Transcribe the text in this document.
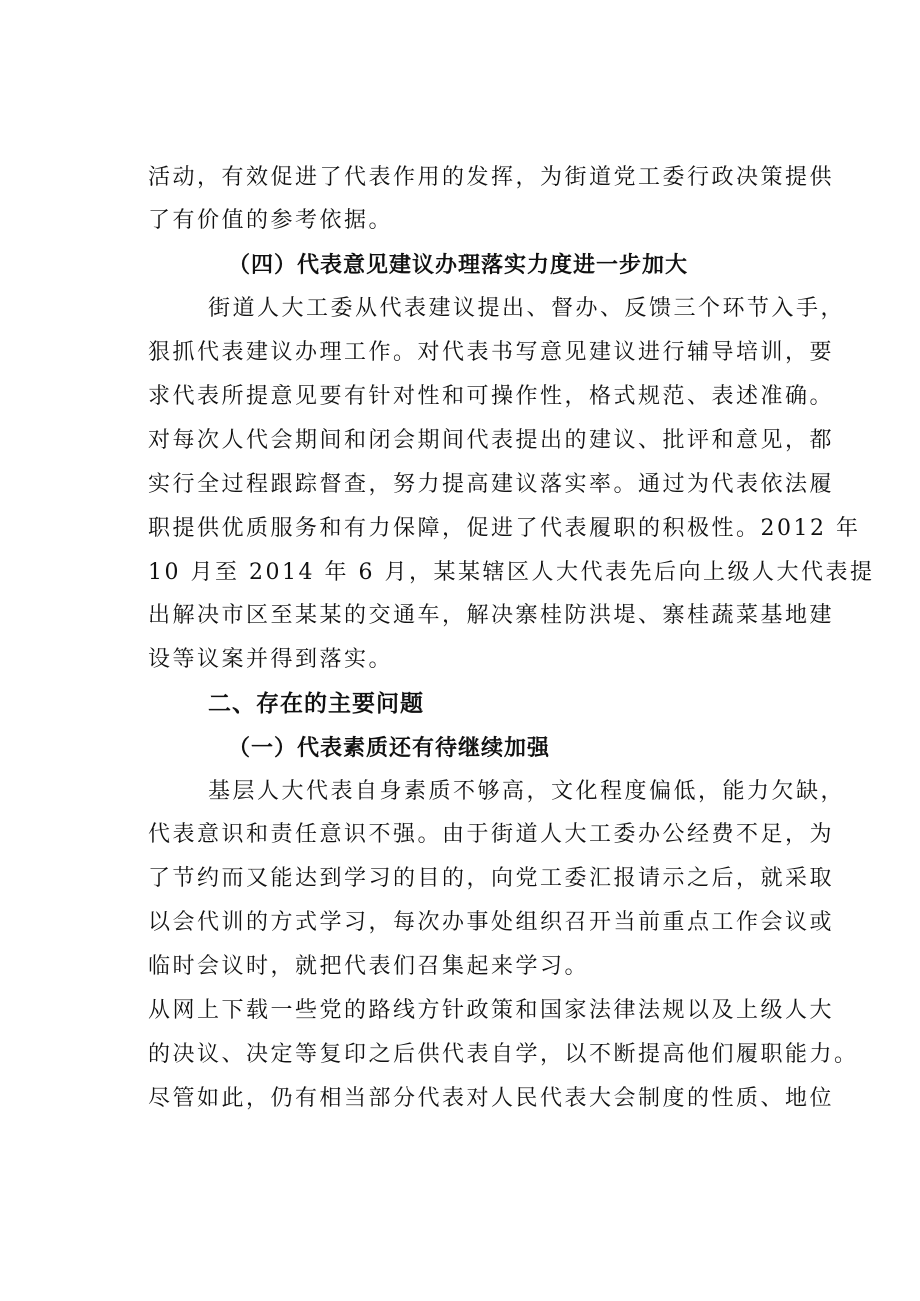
活动，有效促进了代表作用的发挥，为街道党工委行政决策提供

了有价值的参考依据。

（四）代表意见建议办理落实力度进一步加大

街道人大工委从代表建议提出、督办、反馈三个环节入手，

狠抓代表建议办理工作。对代表书写意见建议进行辅导培训，要

求代表所提意见要有针对性和可操作性，格式规范、表述准确。

对每次人代会期间和闭会期间代表提出的建议、批评和意见，都

实行全过程跟踪督查，努力提高建议落实率。通过为代表依法履

职提供优质服务和有力保障，促进了代表履职的积极性。2012 年

10 月至 2014 年 6 月，某某辖区人大代表先后向上级人大代表提

出解决市区至某某的交通车，解决寨桂防洪堤、寨桂蔬菜基地建

设等议案并得到落实。

二、存在的主要问题

（一）代表素质还有待继续加强

基层人大代表自身素质不够高，文化程度偏低，能力欠缺，

代表意识和责任意识不强。由于街道人大工委办公经费不足，为

了节约而又能达到学习的目的，向党工委汇报请示之后，就采取

以会代训的方式学习，每次办事处组织召开当前重点工作会议或

临时会议时，就把代表们召集起来学习。

从网上下载一些党的路线方针政策和国家法律法规以及上级人大

的决议、决定等复印之后供代表自学，以不断提高他们履职能力。

尽管如此，仍有相当部分代表对人民代表大会制度的性质、地位
